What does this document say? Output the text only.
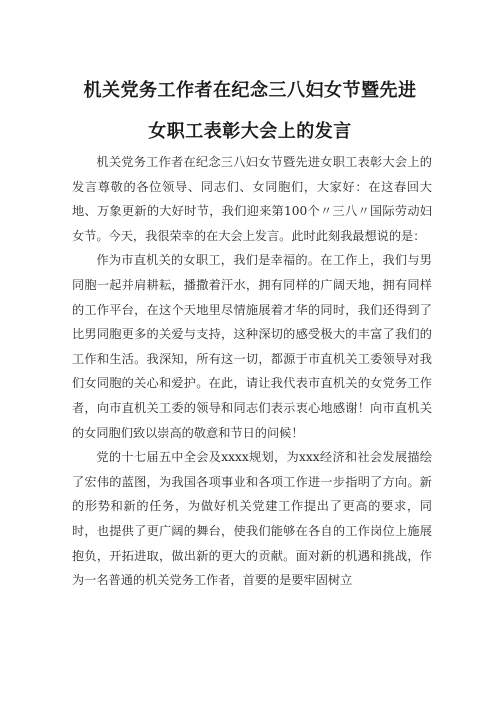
机关党务工作者在纪念三八妇女节暨先进
女职工表彰大会上的发言

机关党务工作者在纪念三八妇女节暨先进女职工表彰大会上的发言尊敬的各位领导、同志们、女同胞们，大家好：在这春回大地、万象更新的大好时节，我们迎来第100个〃三八〃国际劳动妇女节。今天，我很荣幸的在大会上发言。此时此刻我最想说的是：

作为市直机关的女职工，我们是幸福的。在工作上，我们与男同胞一起并肩耕耘，播撒着汗水，拥有同样的广阔天地，拥有同样的工作平台，在这个天地里尽情施展着才华的同时，我们还得到了比男同胞更多的关爱与支持，这种深切的感受极大的丰富了我们的工作和生活。我深知，所有这一切，都源于市直机关工委领导对我们女同胞的关心和爱护。在此，请让我代表市直机关的女党务工作者，向市直机关工委的领导和同志们表示衷心地感谢！向市直机关的女同胞们致以崇高的敬意和节日的问候！

党的十七届五中全会及xxxx规划，为xxx经济和社会发展描绘了宏伟的蓝图，为我国各项事业和各项工作进一步指明了方向。新的形势和新的任务，为做好机关党建工作提出了更高的要求，同时，也提供了更广阔的舞台，使我们能够在各自的工作岗位上施展抱负，开拓进取，做出新的更大的贡献。面对新的机遇和挑战，作为一名普通的机关党务工作者，首要的是要牢固树立
